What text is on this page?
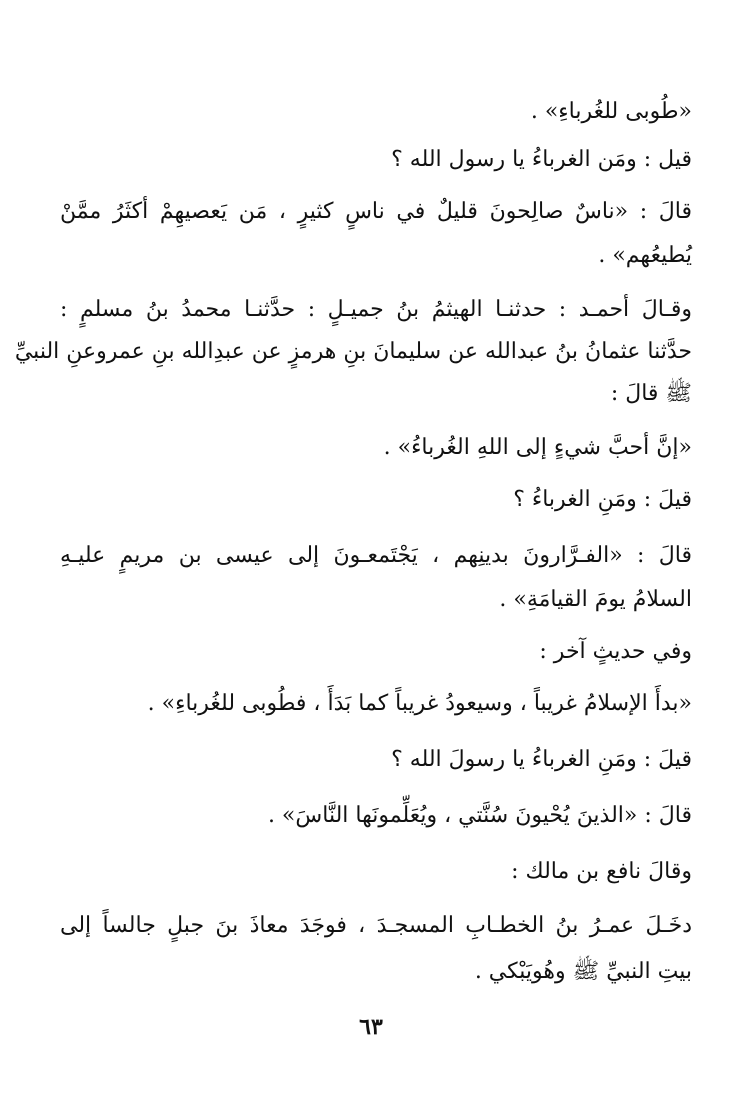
«طُوبى للغُرباءِ» .
قيل : ومَن الغرباءُ يا رسول الله ؟
قالَ : «ناسٌ صالِحونَ قليلٌ في ناسٍ كثيرٍ ، مَن يَعصيهِمْ أكثَرُ ممَّنْ
يُطيعُهم» .
وقـالَ أحمـد : حدثنـا الهيثمُ بنُ جميـلٍ : حدَّثنـا محمدُ بنُ مسلمٍ :
حدَّثنا عثمانُ بنُ عبدالله عن سليمانَ بنِ هرمزٍ عن عبدِالله بنِ عمروعنِ النبيِّ
ﷺ قالَ :
«إنَّ أحبَّ شيءٍ إلى اللهِ الغُرباءُ» .
قيلَ : ومَنِ الغرباءُ ؟
قالَ : «الفـرَّارونَ بدينِهم ، يَجْتَمعـونَ إلى عيسى بن مريمٍ عليـهِ
السلامُ يومَ القيامَةِ» .
وفي حديثٍ آخر :
«بدأَ الإسلامُ غريباً ، وسيعودُ غريباً كما بَدَأَ ، فطُوبى للغُرباءِ» .
قيلَ : ومَنِ الغرباءُ يا رسولَ الله ؟
قالَ : «الذينَ يُحْيونَ سُنَّتي ، ويُعَلِّمونَها النَّاسَ» .
وقالَ نافع بن مالك :
دخَـلَ عمـرُ بنُ الخطـابِ المسجـدَ ، فوجَدَ معاذَ بنَ جبلٍ جالساً إلى
بيتِ النبيِّ ﷺ وهُويَبْكي .
٦٣
